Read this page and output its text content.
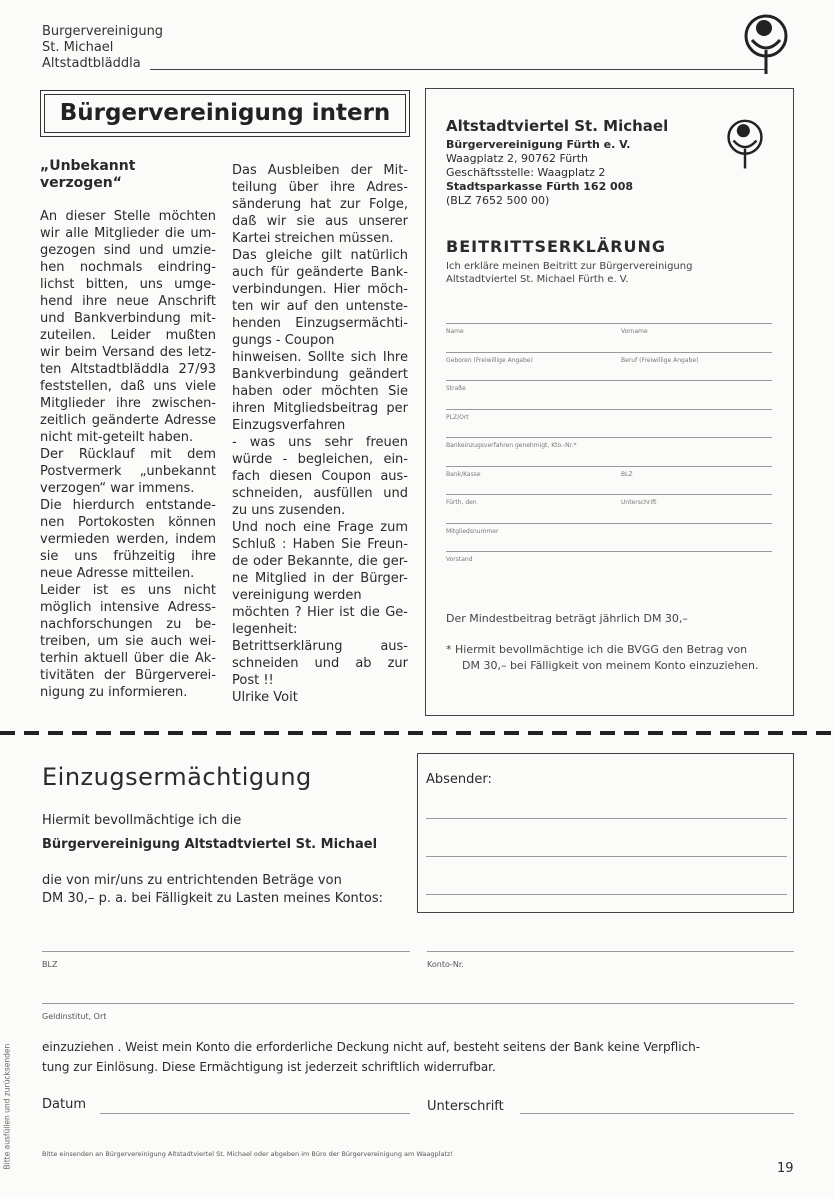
Burgervereinigung
St. Michael
Altstadtbläddla
Bürgervereinigung intern
„Unbekannt
verzogen“
An dieser Stelle möchten
wir alle Mitglieder die um-
gezogen sind und umzie-
hen nochmals eindring-
lichst bitten, uns umge-
hend ihre neue Anschrift
und Bankverbindung mit-
zuteilen. Leider mußten
wir beim Versand des letz-
ten Altstadtbläddla 27/93
feststellen, daß uns viele
Mitglieder ihre zwischen-
zeitlich geänderte Adresse
nicht mit-geteilt haben.
Der Rücklauf mit dem
Postvermerk „unbekannt
verzogen“ war immens.
Die hierdurch entstande-
nen Portokosten können
vermieden werden, indem
sie uns frühzeitig ihre
neue Adresse mitteilen.
Leider ist es uns nicht
möglich intensive Adress-
nachforschungen zu be-
treiben, um sie auch wei-
terhin aktuell über die Ak-
tivitäten der Bürgerverei-
nigung zu informieren.
Das Ausbleiben der Mit-
teilung über ihre Adres-
sänderung hat zur Folge,
daß wir sie aus unserer
Kartei streichen müssen.
Das gleiche gilt natürlich
auch für geänderte Bank-
verbindungen. Hier möch-
ten wir auf den untenste-
henden Einzugsermächti-
gungs - Coupon
hinweisen. Sollte sich Ihre
Bankverbindung geändert
haben oder möchten Sie
ihren Mitgliedsbeitrag per
Einzugsverfahren
- was uns sehr freuen
würde - begleichen, ein-
fach diesen Coupon aus-
schneiden, ausfüllen und
zu uns zusenden.
Und noch eine Frage zum
Schluß : Haben Sie Freun-
de oder Bekannte, die ger-
ne Mitglied in der Bürger-
vereinigung werden
möchten ? Hier ist die Ge-
legenheit:
Betrittserklärung aus-
schneiden und ab zur
Post !!
Ulrike Voit
Altstadtviertel St. Michael
Bürgervereinigung Fürth e. V.
Waagplatz 2, 90762 Fürth
Geschäftsstelle: Waagplatz 2
Stadtsparkasse Fürth 162 008
(BLZ 7652 500 00)
BEITRITTSERKLÄRUNG
Ich erkläre meinen Beitritt zur Bürgervereinigung
Altstadtviertel St. Michael Fürth e. V.
Name	Vorname
Geboren (Freiwillige Angabe)	Beruf (Freiwillige Angabe)
Straße
PLZ/Ort
Bankeinzugsverfahren genehmigt, Kto.-Nr.*
Bank/Kasse	BLZ
Fürth, den	Unterschrift
Mitgliedsnummer
Vorstand
Der Mindestbeitrag beträgt jährlich DM 30,–
* Hiermit bevollmächtige ich die BVGG den Betrag von
DM 30,– bei Fälligkeit von meinem Konto einzuziehen.
Einzugsermächtigung
Hiermit bevollmächtige ich die
Bürgervereinigung Altstadtviertel St. Michael
die von mir/uns zu entrichtenden Beträge von
DM 30,– p. a. bei Fälligkeit zu Lasten meines Kontos:
Absender:
BLZ	Konto-Nr.
Geldinstitut, Ort
einzuziehen . Weist mein Konto die erforderliche Deckung nicht auf, besteht seitens der Bank keine Verpflich-
tung zur Einlösung. Diese Ermächtigung ist jederzeit schriftlich widerrufbar.
Datum	Unterschrift
Bitte einsenden an Bürgervereinigung Altstadtviertel St. Michael oder abgeben im Büro der Bürgervereinigung am Waagplatz!
19
Bitte ausfüllen und zurücksenden
